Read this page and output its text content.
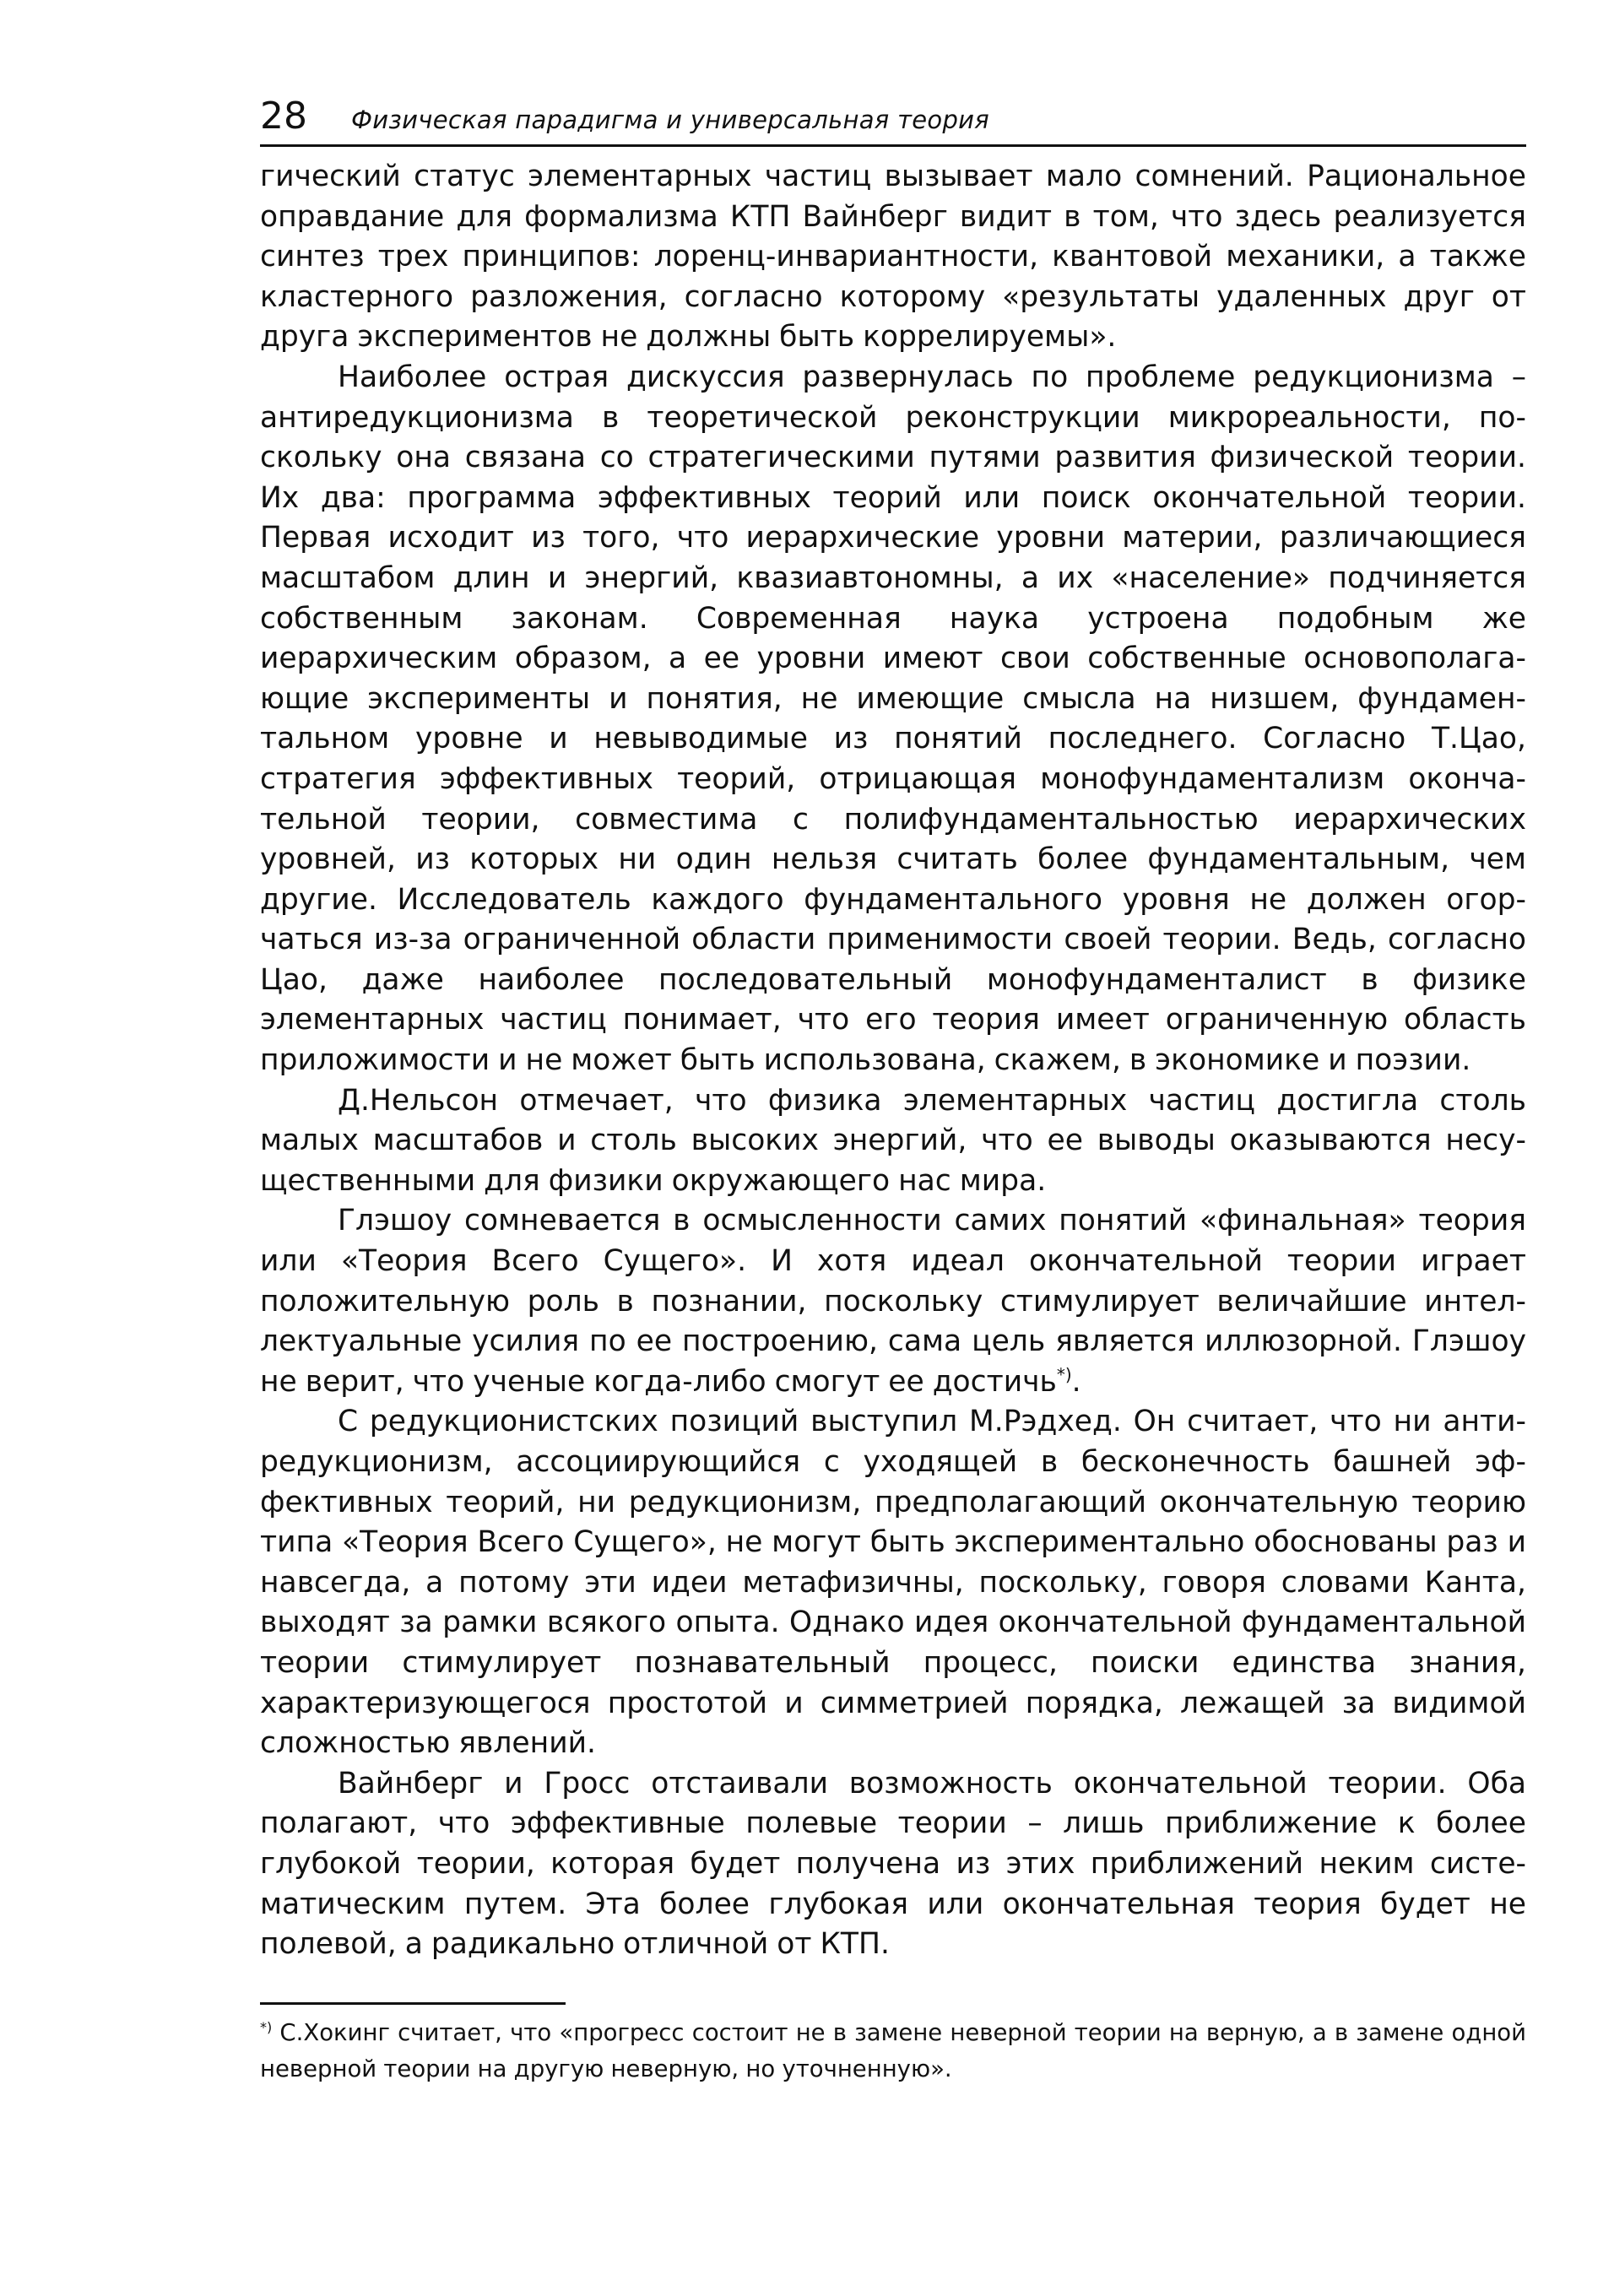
28 Физическая парадигма и универсальная теория

гический статус элементарных частиц вызывает мало сомнений. Рациональное оправдание для формализма КТП Вайнберг видит в том, что здесь реализуется синтез трех принципов: лоренц-инвариантности, квантовой механики, а также кластерного разложения, согласно которому «результаты удаленных друг от друга экспериментов не должны быть коррелируемы».

Наиболее острая дискуссия развернулась по проблеме редукционизма – антиредукционизма в теоретической реконструкции микрореальности, поскольку она связана со стратегическими путями развития физической теории. Их два: программа эффективных теорий или поиск окончательной теории. Первая исходит из того, что иерархические уровни материи, различающиеся масштабом длин и энергий, квазиавтономны, а их «население» подчиняется собственным законам. Современная наука устроена подобным же иерархическим образом, а ее уровни имеют свои собственные основополагающие эксперименты и понятия, не имеющие смысла на низшем, фундаментальном уровне и невыводимые из понятий последнего. Согласно Т.Цао, стратегия эффективных теорий, отрицающая монофундаментализм окончательной теории, совместима с полифундаментальностью иерархических уровней, из которых ни один нельзя считать более фундаментальным, чем другие. Исследователь каждого фундаментального уровня не должен огорчаться из-за ограниченной области применимости своей теории. Ведь, согласно Цао, даже наиболее последовательный монофундаменталист в физике элементарных частиц понимает, что его теория имеет ограниченную область приложимости и не может быть использована, скажем, в экономике и поэзии.

Д.Нельсон отмечает, что физика элементарных частиц достигла столь малых масштабов и столь высоких энергий, что ее выводы оказываются несущественными для физики окружающего нас мира.

Глэшоу сомневается в осмысленности самих понятий «финальная» теория или «Теория Всего Сущего». И хотя идеал окончательной теории играет положительную роль в познании, поскольку стимулирует величайшие интеллектуальные усилия по ее построению, сама цель является иллюзорной. Глэшоу не верит, что ученые когда-либо смогут ее достичь*).

С редукционистских позиций выступил М.Рэдхед. Он считает, что ни антиредукционизм, ассоциирующийся с уходящей в бесконечность башней эффективных теорий, ни редукционизм, предполагающий окончательную теорию типа «Теория Всего Сущего», не могут быть экспериментально обоснованы раз и навсегда, а потому эти идеи метафизичны, поскольку, говоря словами Канта, выходят за рамки всякого опыта. Однако идея окончательной фундаментальной теории стимулирует познавательный процесс, поиски единства знания, характеризующегося простотой и симметрией порядка, лежащей за видимой сложностью явлений.

Вайнберг и Гросс отстаивали возможность окончательной теории. Оба полагают, что эффективные полевые теории – лишь приближение к более глубокой теории, которая будет получена из этих приближений неким систематическим путем. Эта более глубокая или окончательная теория будет не полевой, а радикально отличной от КТП.

*) С.Хокинг считает, что «прогресс состоит не в замене неверной теории на верную, а в замене одной неверной теории на другую неверную, но уточненную».
